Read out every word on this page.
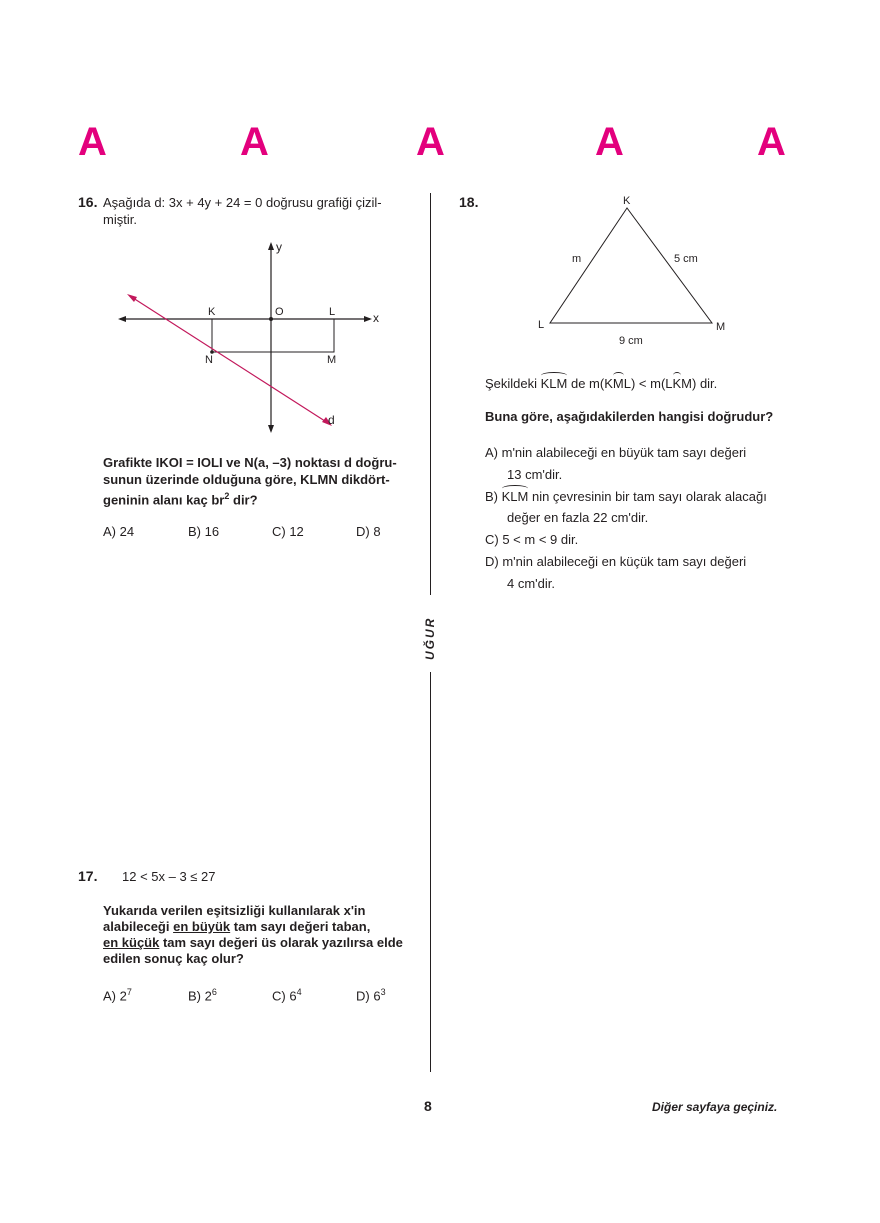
A	A	A	A	A
UĞUR
16. Aşağıda d: 3x + 4y + 24 = 0 doğrusu grafiği çizil-
miştir.
y
x
O
K	L
N	M
d
Grafikte IKOI = IOLI ve N(a, –3) noktası d doğru-
sunun üzerinde olduğuna göre, KLMN dikdört-
geninin alanı kaç $br^2$ dir?
A) 24	B) 16	C) 12	D) 8
17. 12 < 5x – 3 ≤ 27
Yukarıda verilen eşitsizliği kullanılarak x'in
alabileceği en büyük tam sayı değeri taban,
en küçük tam sayı değeri üs olarak yazılırsa elde
edilen sonuç kaç olur?
A) $2^7$	B) $2^6$	C) $6^4$	D) $6^3$
18.	K
L	M
m	5 cm
9 cm
Şekildeki KLM de m(KML) < m(LKM) dir.
Buna göre, aşağıdakilerden hangisi doğrudur?
A) m'nin alabileceği en büyük tam sayı değeri
13 cm'dir.
B) KLM nin çevresinin bir tam sayı olarak alacağı
değer en fazla 22 cm'dir.
C) 5 < m < 9 dir.
D) m'nin alabileceği en küçük tam sayı değeri
4 cm'dir.
8	Diğer sayfaya geçiniz.
